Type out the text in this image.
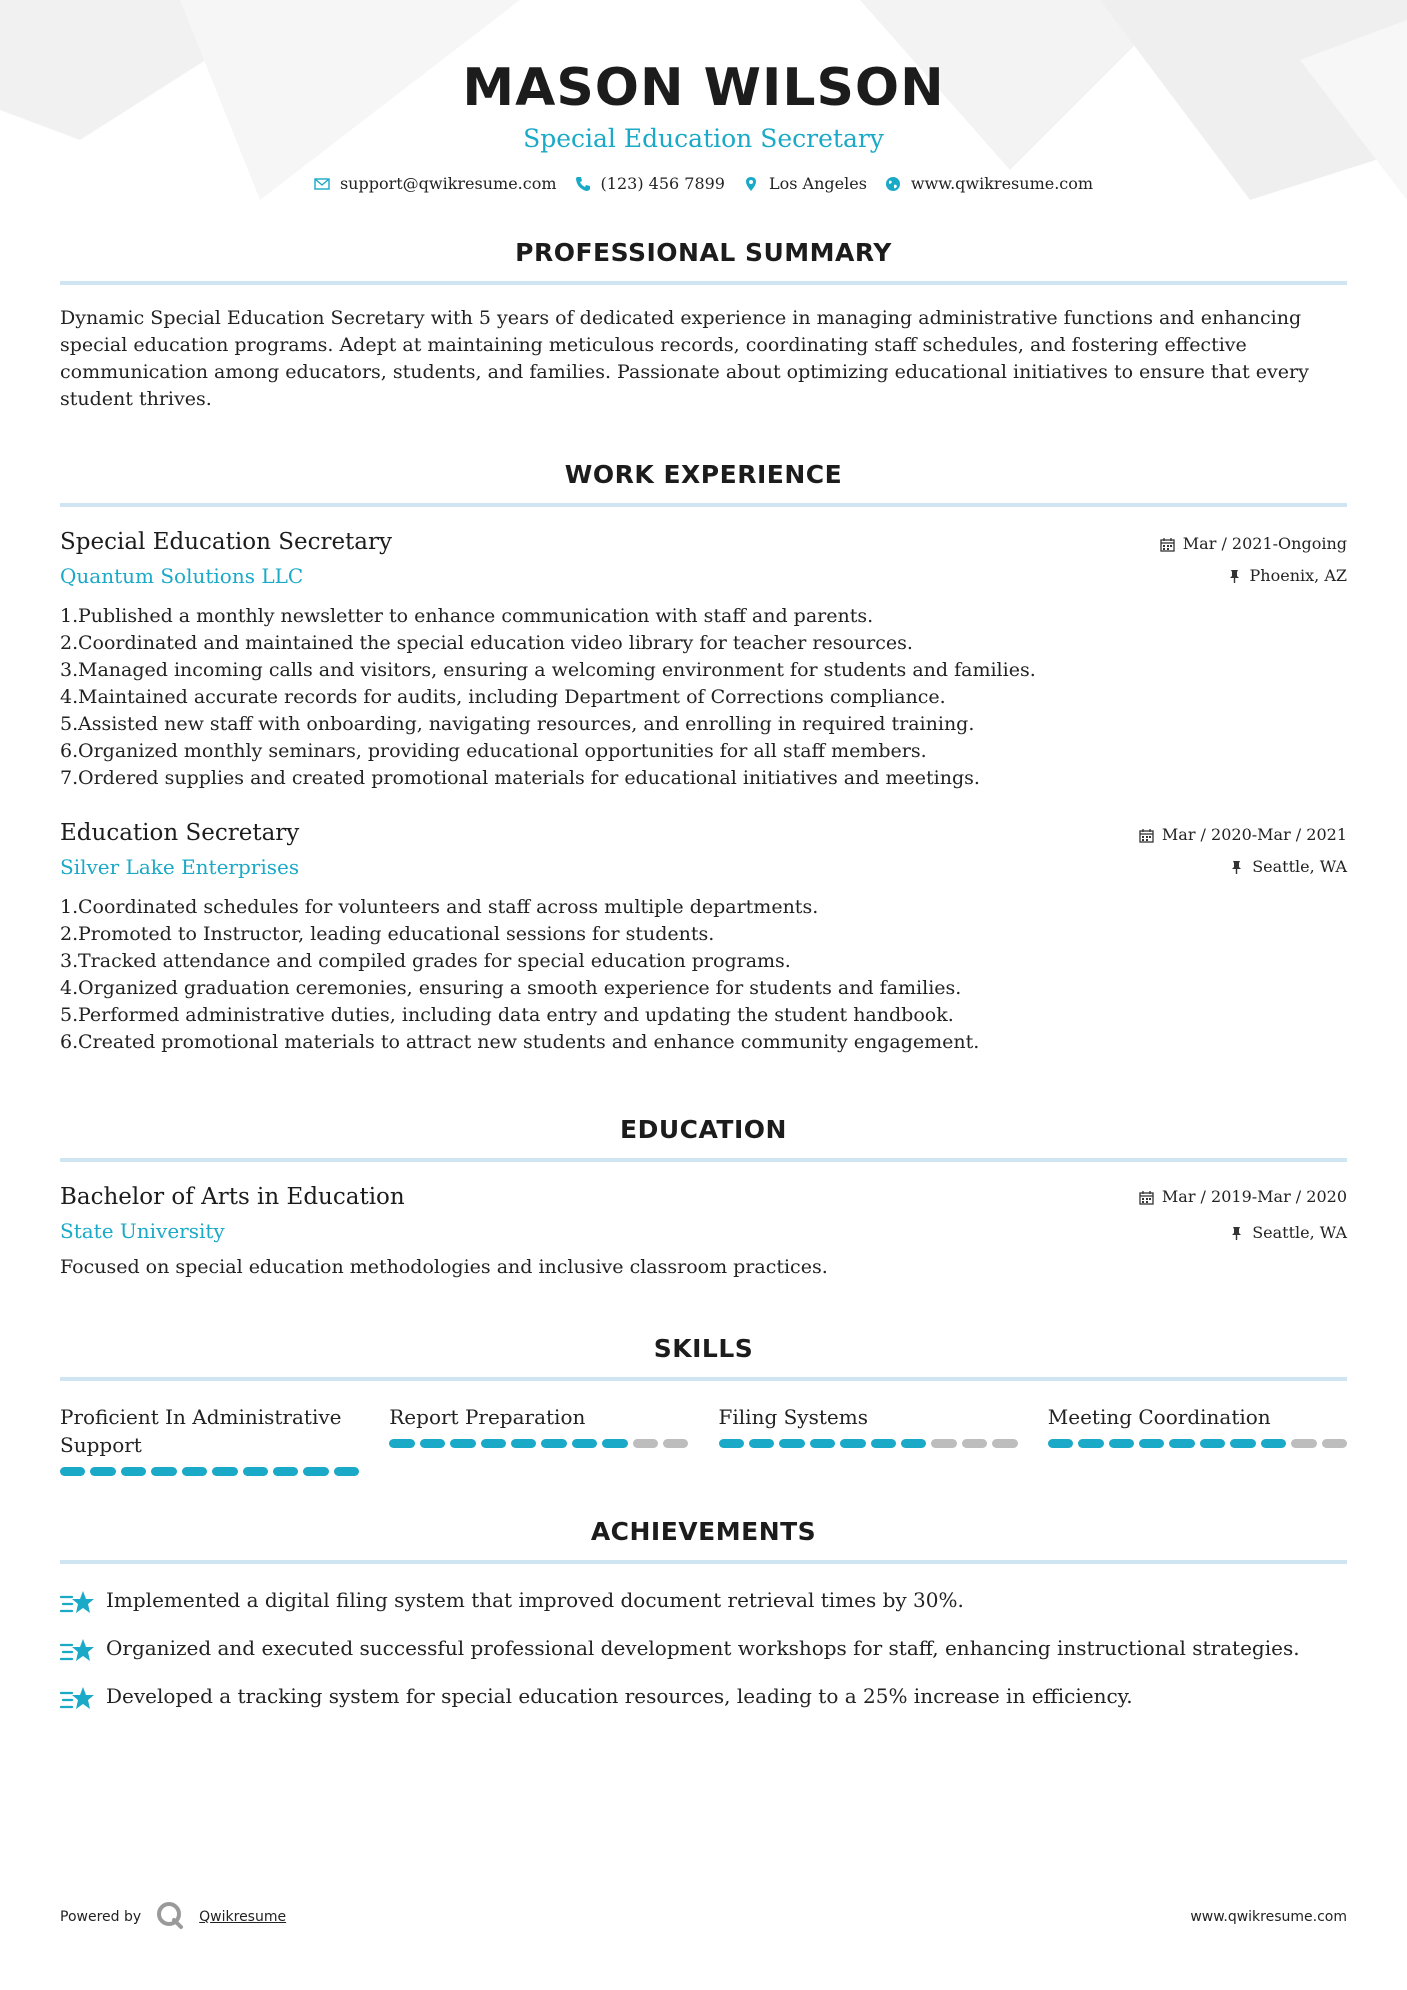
MASON WILSON
Special Education Secretary
support@qwikresume.com	(123) 456 7899	Los Angeles	www.qwikresume.com
PROFESSIONAL SUMMARY
Dynamic Special Education Secretary with 5 years of dedicated experience in managing administrative functions and enhancing special education programs. Adept at maintaining meticulous records, coordinating staff schedules, and fostering effective communication among educators, students, and families. Passionate about optimizing educational initiatives to ensure that every student thrives.
WORK EXPERIENCE
Special Education Secretary
Quantum Solutions LLC
Mar / 2021-Ongoing
Phoenix, AZ
1. Published a monthly newsletter to enhance communication with staff and parents.
2. Coordinated and maintained the special education video library for teacher resources.
3. Managed incoming calls and visitors, ensuring a welcoming environment for students and families.
4. Maintained accurate records for audits, including Department of Corrections compliance.
5. Assisted new staff with onboarding, navigating resources, and enrolling in required training.
6. Organized monthly seminars, providing educational opportunities for all staff members.
7. Ordered supplies and created promotional materials for educational initiatives and meetings.
Education Secretary
Silver Lake Enterprises
Mar / 2020-Mar / 2021
Seattle, WA
1. Coordinated schedules for volunteers and staff across multiple departments.
2. Promoted to Instructor, leading educational sessions for students.
3. Tracked attendance and compiled grades for special education programs.
4. Organized graduation ceremonies, ensuring a smooth experience for students and families.
5. Performed administrative duties, including data entry and updating the student handbook.
6. Created promotional materials to attract new students and enhance community engagement.
EDUCATION
Bachelor of Arts in Education
State University
Mar / 2019-Mar / 2020
Seattle, WA
Focused on special education methodologies and inclusive classroom practices.
SKILLS
Proficient In Administrative Support
Report Preparation	Filing Systems	Meeting Coordination
ACHIEVEMENTS
Implemented a digital filing system that improved document retrieval times by 30%.
Organized and executed successful professional development workshops for staff, enhancing instructional strategies.
Developed a tracking system for special education resources, leading to a 25% increase in efficiency.
Powered by	Qwikresume	www.qwikresume.com
